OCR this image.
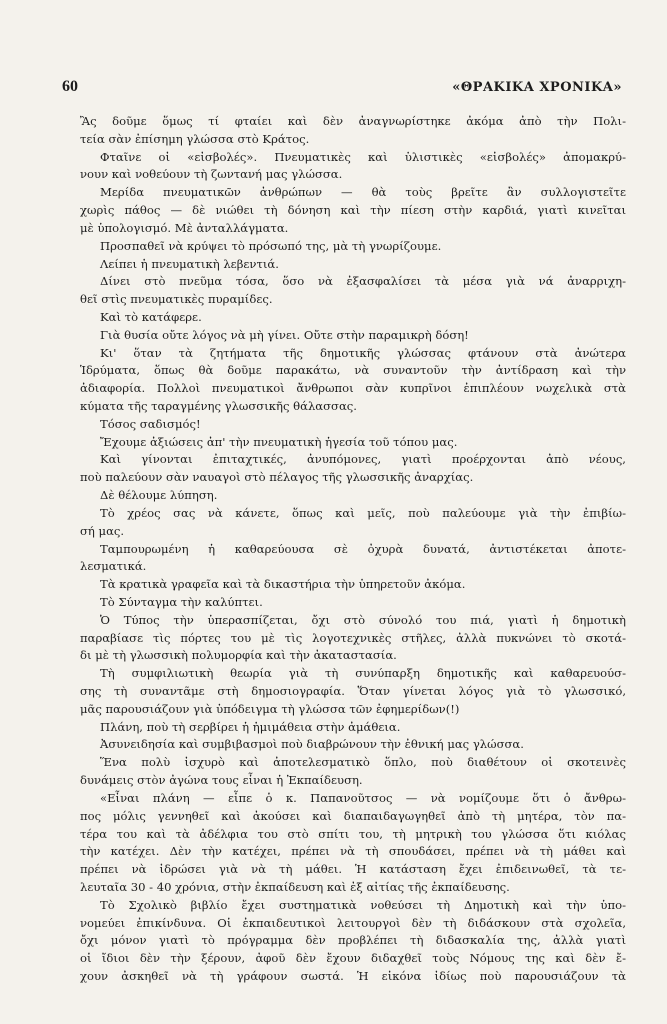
60	«ΘΡΑΚΙΚΑ ΧΡΟΝΙΚΑ»
Ἂς δοῦμε ὅμως τί φταίει καὶ δὲν ἀναγνωρίστηκε ἀκόμα ἀπὸ τὴν Πολι-
τεία σὰν ἐπίσημη γλώσσα στὸ Κράτος.
Φταῖνε οἱ «εἰσβολές». Πνευματικὲς καὶ ὑλιστικὲς «εἰσβολές» ἀπομακρύ-
νουν καὶ νοθεύουν τὴ ζωντανή μας γλώσσα.
Μερίδα πνευματικῶν ἀνθρώπων — θὰ τοὺς βρεῖτε ἂν συλλογιστεῖτε
χωρὶς πάθος — δὲ νιώθει τὴ δόνηση καὶ τὴν πίεση στὴν καρδιά, γιατὶ κινεῖται
μὲ ὑπολογισμό. Μὲ ἀνταλλάγματα.
Προσπαθεῖ νὰ κρύψει τὸ πρόσωπό της, μὰ τὴ γνωρίζουμε.
Λείπει ἡ πνευματικὴ λεβεντιά.
Δίνει στὸ πνεῦμα τόσα, ὅσο νὰ ἐξασφαλίσει τὰ μέσα γιὰ νά ἀναρριχη-
θεῖ στὶς πνευματικὲς πυραμίδες.
Καὶ τὸ κατάφερε.
Γιὰ θυσία οὔτε λόγος νὰ μὴ γίνει. Οὔτε στὴν παραμικρὴ δόση!
Κι' ὅταν τὰ ζητήματα τῆς δημοτικῆς γλώσσας φτάνουν στὰ ἀνώτερα
Ἱδρύματα, ὅπως θὰ δοῦμε παρακάτω, νὰ συναντοῦν τὴν ἀντίδραση καὶ τὴν
ἀδιαφορία. Πολλοὶ πνευματικοὶ ἄνθρωποι σὰν κυπρῖνοι ἐπιπλέουν νωχελικὰ στὰ
κύματα τῆς ταραγμένης γλωσσικῆς θάλασσας.
Τόσος σαδισμός!
Ἔχουμε ἀξιώσεις ἀπ' τὴν πνευματικὴ ἡγεσία τοῦ τόπου μας.
Καὶ γίνονται ἐπιταχτικές, ἀνυπόμονες, γιατὶ προέρχονται ἀπὸ νέους,
ποὺ παλεύουν σὰν ναυαγοὶ στὸ πέλαγος τῆς γλωσσικῆς ἀναρχίας.
Δὲ θέλουμε λύπηση.
Τὸ χρέος σας νὰ κάνετε, ὅπως καὶ μεῖς, ποὺ παλεύουμε γιὰ τὴν ἐπιβίω-
σή μας.
Ταμπουρωμένη ἡ καθαρεύουσα σὲ ὀχυρὰ δυνατά, ἀντιστέκεται ἀποτε-
λεσματικά.
Τὰ κρατικὰ γραφεῖα καὶ τὰ δικαστήρια τὴν ὑπηρετοῦν ἀκόμα.
Τὸ Σύνταγμα τὴν καλύπτει.
Ὁ Τύπος τὴν ὑπερασπίζεται, ὄχι στὸ σύνολό του πιά, γιατὶ ἡ δημοτικὴ
παραβίασε τὶς πόρτες του μὲ τὶς λογοτεχνικὲς στῆλες, ἀλλὰ πυκνώνει τὸ σκοτά-
δι μὲ τὴ γλωσσικὴ πολυμορφία καὶ τὴν ἀκαταστασία.
Τὴ συμφιλιωτικὴ θεωρία γιὰ τὴ συνύπαρξη δημοτικῆς καὶ καθαρευούσ-
σης τὴ συναντᾶμε στὴ δημοσιογραφία. Ὅταν γίνεται λόγος γιὰ τὸ γλωσσικό,
μᾶς παρουσιάζουν γιὰ ὑπόδειγμα τὴ γλώσσα τῶν ἐφημερίδων(!)
Πλάνη, ποὺ τὴ σερβίρει ἡ ἡμιμάθεια στὴν ἀμάθεια.
Ἀσυνειδησία καὶ συμβιβασμοὶ ποὺ διαβρώνουν τὴν ἐθνική μας γλώσσα.
Ἕνα πολὺ ἰσχυρὸ καὶ ἀποτελεσματικὸ ὅπλο, ποὺ διαθέτουν οἱ σκοτεινὲς
δυνάμεις στὸν ἀγώνα τους εἶναι ἡ Ἐκπαίδευση.
«Εἶναι πλάνη — εἶπε ὁ κ. Παπανοῦτσος — νὰ νομίζουμε ὅτι ὁ ἄνθρω-
πος μόλις γεννηθεῖ καὶ ἀκούσει καὶ διαπαιδαγωγηθεῖ ἀπὸ τὴ μητέρα, τὸν πα-
τέρα του καὶ τὰ ἀδέλφια του στὸ σπίτι του, τὴ μητρικὴ του γλώσσα ὅτι κιόλας
τὴν κατέχει. Δὲν τὴν κατέχει, πρέπει νὰ τὴ σπουδάσει, πρέπει νὰ τὴ μάθει καὶ
πρέπει νὰ ἱδρώσει γιὰ νὰ τὴ μάθει. Ἡ κατάσταση ἔχει ἐπιδεινωθεῖ, τὰ τε-
λευταῖα 30 - 40 χρόνια, στὴν ἐκπαίδευση καὶ ἐξ αἰτίας τῆς ἐκπαίδευσης.
Τὸ Σχολικὸ βιβλίο ἔχει συστηματικὰ νοθεύσει τὴ Δημοτικὴ καὶ τὴν ὑπο-
νομεύει ἐπικίνδυνα. Οἱ ἐκπαιδευτικοὶ λειτουργοὶ δὲν τὴ διδάσκουν στὰ σχολεῖα,
ὄχι μόνον γιατὶ τὸ πρόγραμμα δὲν προβλέπει τὴ διδασκαλία της, ἀλλὰ γιατὶ
οἱ ἴδιοι δὲν τὴν ξέρουν, ἀφοῦ δὲν ἔχουν διδαχθεῖ τοὺς Νόμους της καὶ δὲν ἔ-
χουν ἀσκηθεῖ νὰ τὴ γράφουν σωστά. Ἡ εἰκόνα ἰδίως ποὺ παρουσιάζουν τὰ
